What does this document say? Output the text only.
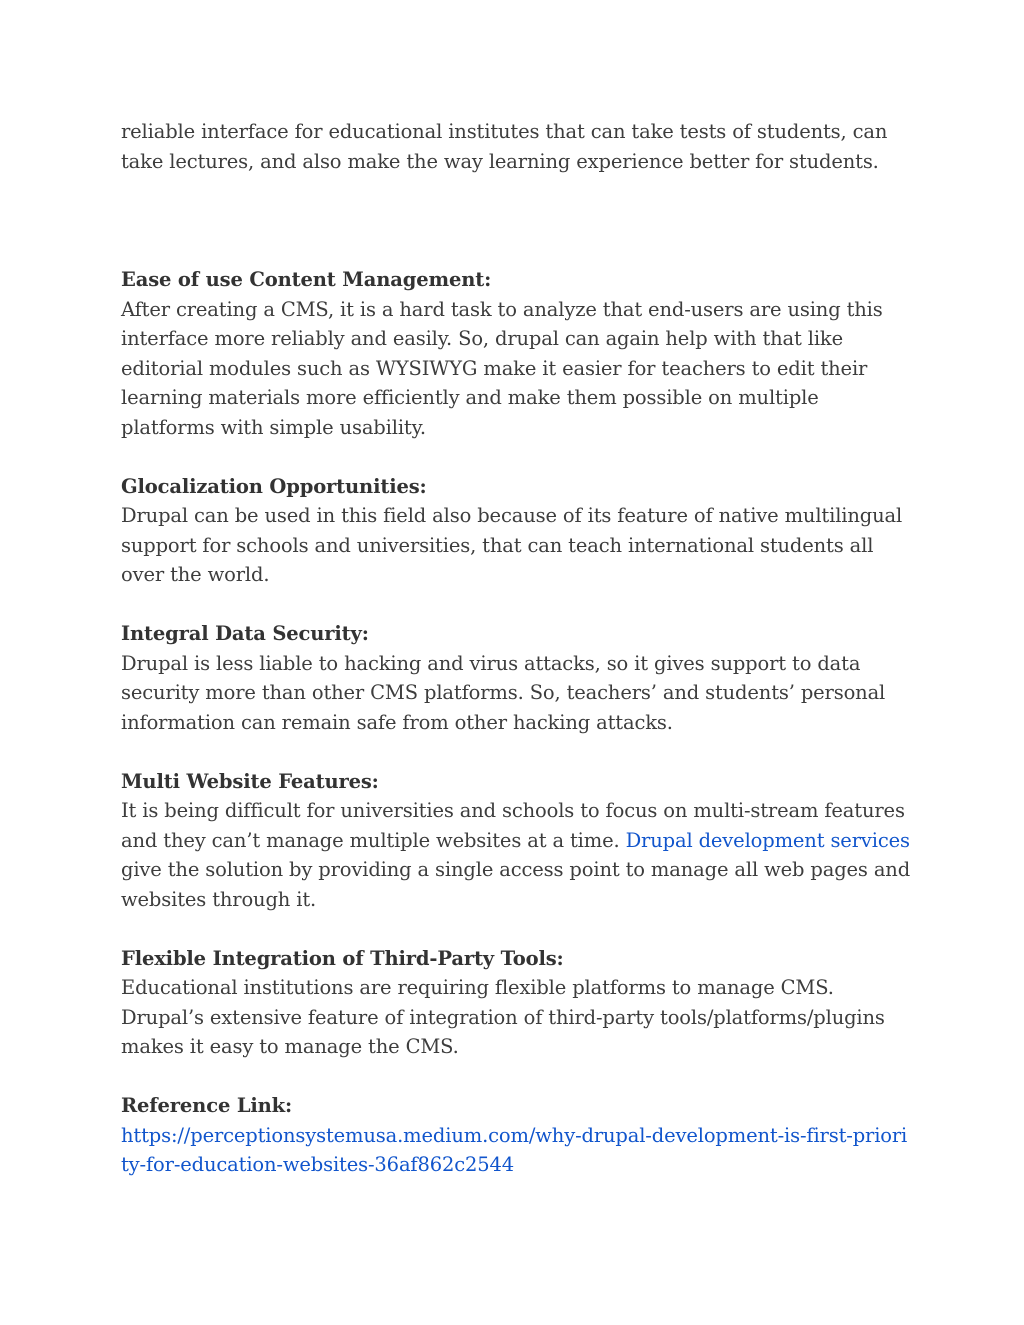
reliable interface for educational institutes that can take tests of students, can take lectures, and also make the way learning experience better for students.

Ease of use Content Management:

After creating a CMS, it is a hard task to analyze that end-users are using this interface more reliably and easily. So, drupal can again help with that like editorial modules such as WYSIWYG make it easier for teachers to edit their learning materials more efficiently and make them possible on multiple platforms with simple usability.

Glocalization Opportunities:

Drupal can be used in this field also because of its feature of native multilingual support for schools and universities, that can teach international students all over the world.

Integral Data Security:

Drupal is less liable to hacking and virus attacks, so it gives support to data security more than other CMS platforms. So, teachers’ and students’ personal information can remain safe from other hacking attacks.

Multi Website Features:

It is being difficult for universities and schools to focus on multi-stream features and they can’t manage multiple websites at a time. Drupal development services give the solution by providing a single access point to manage all web pages and websites through it.

Flexible Integration of Third-Party Tools:

Educational institutions are requiring flexible platforms to manage CMS. Drupal’s extensive feature of integration of third-party tools/platforms/plugins makes it easy to manage the CMS.

Reference Link:

https://perceptionsystemusa.medium.com/why-drupal-development-is-first-priority-for-education-websites-36af862c2544
